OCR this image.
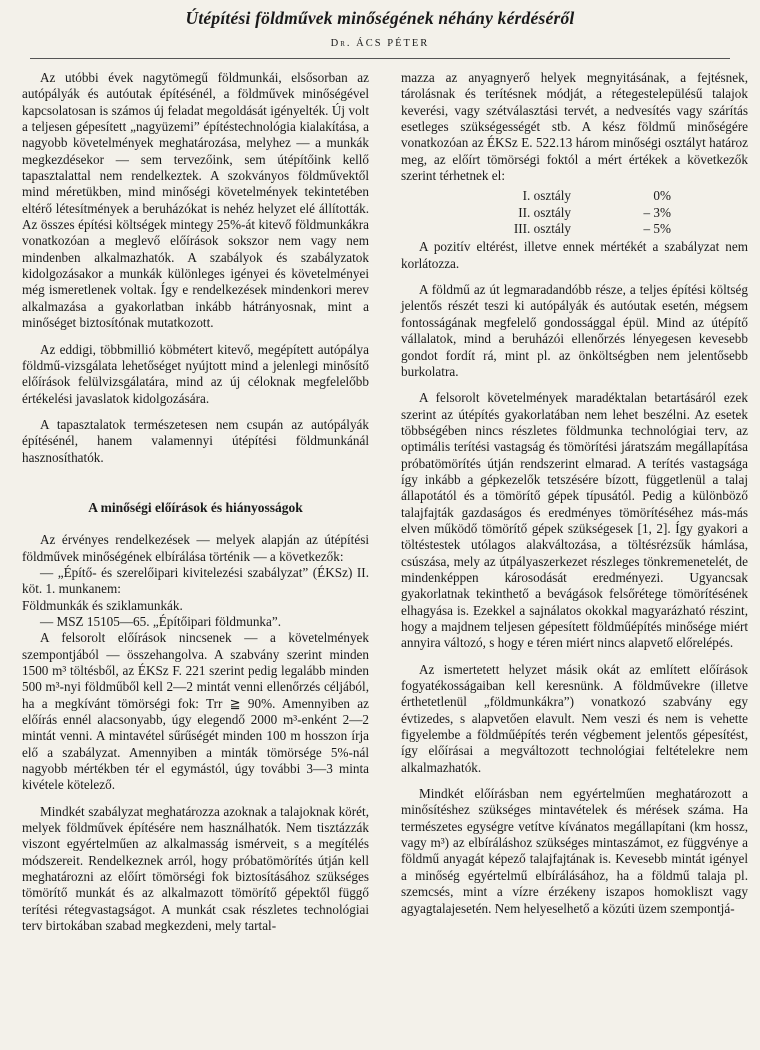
Útépítési földművek minőségének néhány kérdéséről
Dr. ÁCS PÉTER

Az utóbbi évek nagytömegű földmunkái, elsősorban az autópályák és autóutak építésénél, a földművek minőségével kapcsolatosan is számos új feladat megoldását igényelték. Új volt a teljesen gépesített „nagyüzemi” építéstechnológia kialakítása, a nagyobb követelmények meghatározása, melyhez — a munkák megkezdésekor — sem tervezőink, sem útépítőink kellő tapasztalattal nem rendelkeztek. A szokványos földművektől mind méretükben, mind minőségi követelmények tekintetében eltérő létesítmények a beruházókat is nehéz helyzet elé állították. Az összes építési költségek mintegy 25%-át kitevő földmunkákra vonatkozóan a meglevő előírások sokszor nem vagy nem mindenben alkalmazhatók. A szabályok és szabályzatok kidolgozásakor a munkák különleges igényei és követelményei még ismeretlenek voltak. Így e rendelkezések mindenkori merev alkalmazása a gyakorlatban inkább hátrányosnak, mint a minőséget biztosítónak mutatkozott.

Az eddigi, többmillió köbmétert kitevő, megépített autópálya földmű-vizsgálata lehetőséget nyújtott mind a jelenlegi minősítő előírások felülvizsgálatára, mind az új céloknak megfelelőbb értékelési javaslatok kidolgozására.

A tapasztalatok természetesen nem csupán az autópályák építésénél, hanem valamennyi útépítési földmunkánál hasznosíthatók.

A minőségi előírások és hiányosságok

Az érvényes rendelkezések — melyek alapján az útépítési földművek minőségének elbírálása történik — a következők:

— „Építő- és szerelőipari kivitelezési szabályzat” (ÉKSz) II. köt. 1. munkanem:

Földmunkák és sziklamunkák.

— MSZ 15105—65. „Építőipari földmunka”.

A felsorolt előírások nincsenek — a követelmények szempontjából — összehangolva. A szabvány szerint minden 1500 m³ töltésből, az ÉKSz F. 221 szerint pedig legalább minden 500 m³-nyi földműből kell 2—2 mintát venni ellenőrzés céljából, ha a megkívánt tömörségi fok: Trr ≧ 90%. Amennyiben az előírás ennél alacsonyabb, úgy elegendő 2000 m³-enként 2—2 mintát venni. A mintavétel sűrűségét minden 100 m hosszon írja elő a szabályzat. Amennyiben a minták tömörsége 5%-nál nagyobb mértékben tér el egymástól, úgy további 3—3 minta kivétele kötelező.

Mindkét szabályzat meghatározza azoknak a talajoknak körét, melyek földművek építésére nem használhatók. Nem tisztázzák viszont egyértelműen az alkalmasság ismérveit, s a megítélés módszereit. Rendelkeznek arról, hogy próbatömörítés útján kell meghatározni az előírt tömörségi fok biztosításához szükséges tömörítő munkát és az alkalmazott tömörítő gépektől függő terítési rétegvastagságot. A munkát csak részletes technológiai terv birtokában szabad megkezdeni, mely tartal-

mazza az anyagnyerő helyek megnyitásának, a fejtésnek, tárolásnak és terítésnek módját, a rétegestelepülésű talajok keverési, vagy szétválasztási tervét, a nedvesítés vagy szárítás esetleges szükségességét stb. A kész földmű minőségére vonatkozóan az ÉKSz E. 522.13 három minőségi osztályt határoz meg, az előírt tömörségi foktól a mért értékek a következők szerint térhetnek el:

I. osztály	0%
II. osztály	– 3%
III. osztály	– 5%

A pozitív eltérést, illetve ennek mértékét a szabályzat nem korlátozza.

A földmű az út legmaradandóbb része, a teljes építési költség jelentős részét teszi ki autópályák és autóutak esetén, mégsem fontosságának megfelelő gondossággal épül. Mind az útépítő vállalatok, mind a beruházói ellenőrzés lényegesen kevesebb gondot fordít rá, mint pl. az önköltségben nem jelentősebb burkolatra.

A felsorolt követelmények maradéktalan betartásáról ezek szerint az útépítés gyakorlatában nem lehet beszélni. Az esetek többségében nincs részletes földmunka technológiai terv, az optimális terítési vastagság és tömörítési járatszám megállapítása próbatömörítés útján rendszerint elmarad. A terítés vastagsága így inkább a gépkezelők tetszésére bízott, függetlenül a talaj állapotától és a tömörítő gépek típusától. Pedig a különböző talajfajták gazdaságos és eredményes tömörítéséhez más-más elven működő tömörítő gépek szükségesek [1, 2]. Így gyakori a töltéstestek utólagos alakváltozása, a töltésrézsűk hámlása, csúszása, mely az útpályaszerkezet részleges tönkremenetelét, de mindenképpen károsodását eredményezi. Ugyancsak gyakorlatnak tekinthető a bevágások felsőrétege tömörítésének elhagyása is. Ezekkel a sajnálatos okokkal magyarázható részint, hogy a majdnem teljesen gépesített földműépítés minősége miért annyira változó, s hogy e téren miért nincs alapvető előrelépés.

Az ismertetett helyzet másik okát az említett előírások fogyatékosságaiban kell keresnünk. A földművekre (illetve érthetetlenül „földmunkákra”) vonatkozó szabvány egy évtizedes, s alapvetően elavult. Nem veszi és nem is vehette figyelembe a földműépítés terén végbement jelentős gépesítést, így előírásai a megváltozott technológiai feltételekre nem alkalmazhatók.

Mindkét előírásban nem egyértelműen meghatározott a minősítéshez szükséges mintavételek és mérések száma. Ha természetes egységre vetítve kívánatos megállapítani (km hossz, vagy m³) az elbíráláshoz szükséges mintaszámot, ez függvénye a földmű anyagát képező talajfajtának is. Kevesebb mintát igényel a minőség egyértelmű elbírálásához, ha a földmű talaja pl. szemcsés, mint a vízre érzékeny iszapos homokliszt vagy agyagtalajesetén. Nem helyeselhető a közúti üzem szempontjá-
